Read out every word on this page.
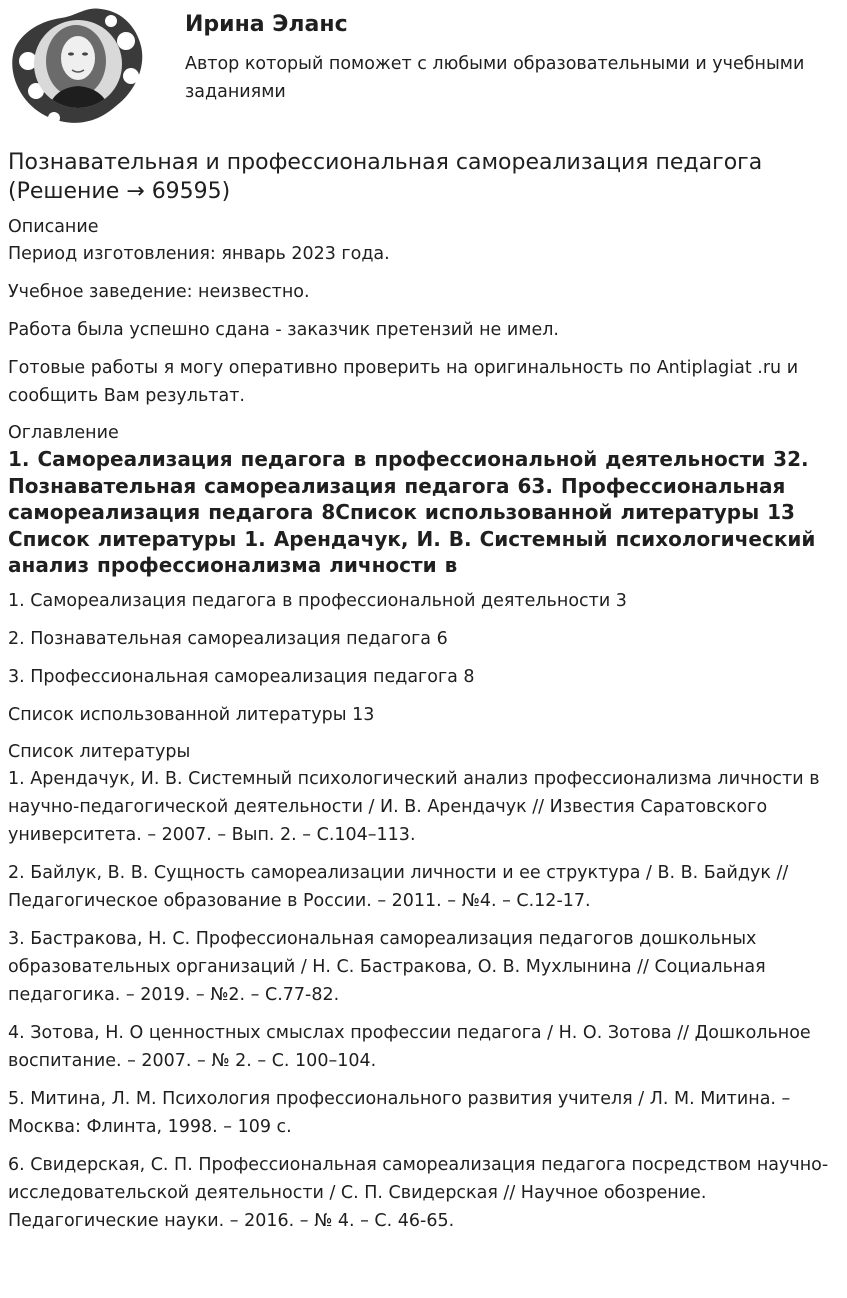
Ирина Эланс
Автор который поможет с любыми образовательными и учебными заданиями
Познавательная и профессиональная самореализация педагога (Решение → 69595)
Описание

Период изготовления: январь 2023 года.

Учебное заведение: неизвестно.

Работа была успешно сдана - заказчик претензий не имел.

Готовые работы я могу оперативно проверить на оригинальность по Antiplagiat .ru и сообщить Вам результат.

Оглавление

1. Самореализация педагога в профессиональной деятельности 32. Познавательная самореализация педагога 63. Профессиональная самореализация педагога 8Список использованной литературы 13 Список литературы 1. Арендачук, И. В. Системный психологический анализ профессионализма личности в

1. Самореализация педагога в профессиональной деятельности 3

2. Познавательная самореализация педагога 6

3. Профессиональная самореализация педагога 8

Список использованной литературы 13

Список литературы

1. Арендачук, И. В. Системный психологический анализ профессионализма личности в научно-педагогической деятельности / И. В. Арендачук // Известия Саратовского университета. – 2007. – Вып. 2. – С.104–113.

2. Байлук, В. В. Сущность самореализации личности и ее структура / В. В. Байдук // Педагогическое образование в России. – 2011. – №4. – С.12-17.

3. Бастракова, Н. С. Профессиональная самореализация педагогов дошкольных образовательных организаций / Н. С. Бастракова, О. В. Мухлынина // Социальная педагогика. – 2019. – №2. – С.77-82.

4. Зотова, Н. О ценностных смыслах профессии педагога / Н. О. Зотова // Дошкольное воспитание. – 2007. – № 2. – С. 100–104.

5. Митина, Л. М. Психология профессионального развития учителя / Л. М. Митина. – Москва: Флинта, 1998. – 109 с.

6. Свидерская, С. П. Профессиональная самореализация педагога посредством научно-исследовательской деятельности / С. П. Свидерская // Научное обозрение. Педагогические науки. – 2016. – № 4. – С. 46-65.
